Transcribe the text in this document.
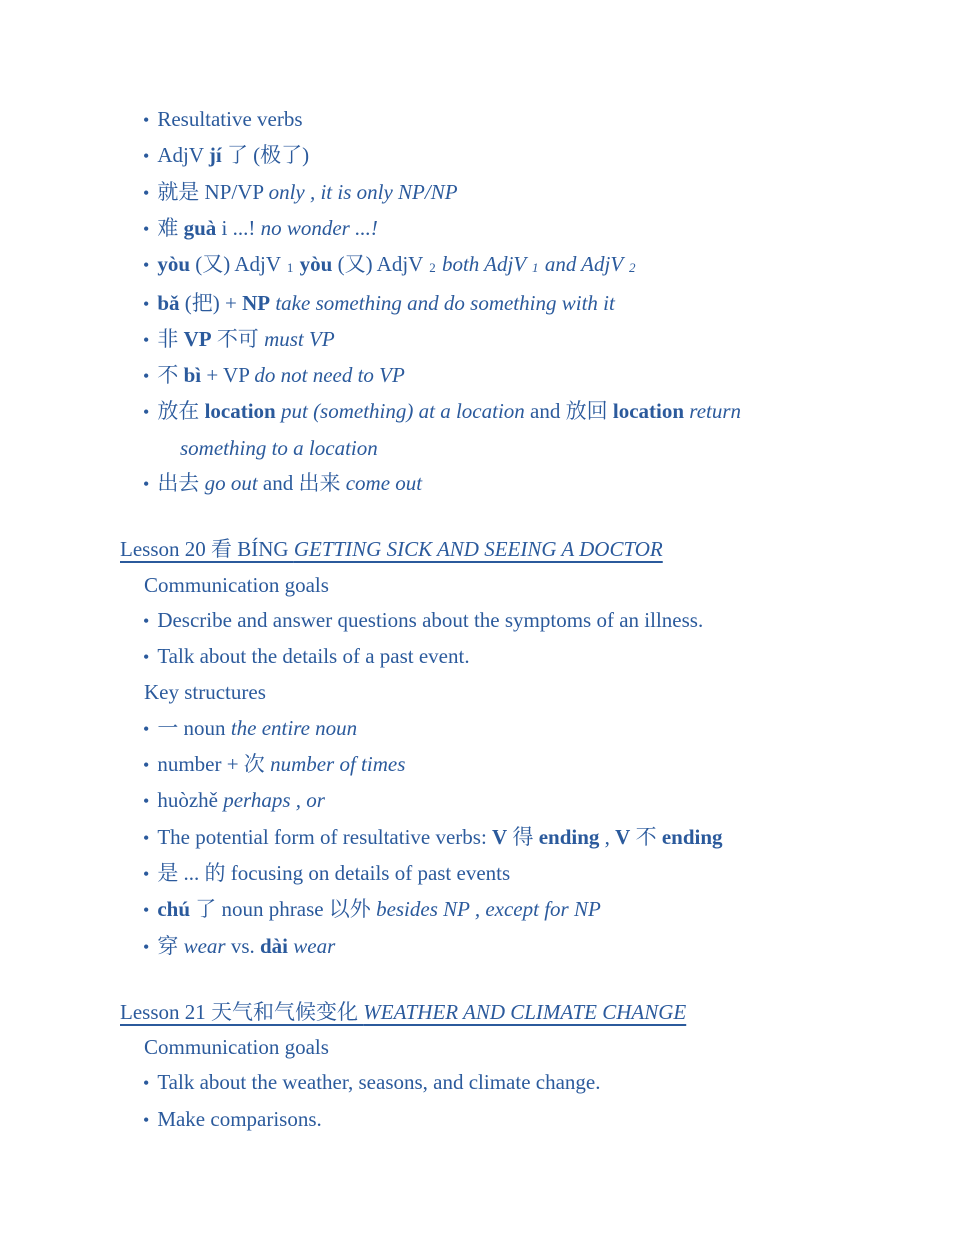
• Resultative verbs
• AdjV jí 了 (极了)
• 就是 NP/VP only , it is only NP/NP
• 难 guà i ...! no wonder ...!
• yòu (又) AdjV 1 yòu (又) AdjV 2 both AdjV 1 and AdjV 2
• bǎ (把) + NP take something and do something with it
• 非 VP 不可 must VP
• 不 bì + VP do not need to VP
• 放在 location put (something) at a location and 放回 location return
something to a location
• 出去 go out and 出来 come out
Lesson 20 看 BÍNG GETTING SICK AND SEEING A DOCTOR
Communication goals
• Describe and answer questions about the symptoms of an illness.
• Talk about the details of a past event.
Key structures
• 一 noun the entire noun
• number + 次 number of times
• huòzhě perhaps , or
• The potential form of resultative verbs: V 得 ending , V 不 ending
• 是 ... 的 focusing on details of past events
• chú 了 noun phrase 以外 besides NP , except for NP
• 穿 wear vs. dài wear
Lesson 21 天气和气候变化 WEATHER AND CLIMATE CHANGE
Communication goals
• Talk about the weather, seasons, and climate change.
• Make comparisons.
